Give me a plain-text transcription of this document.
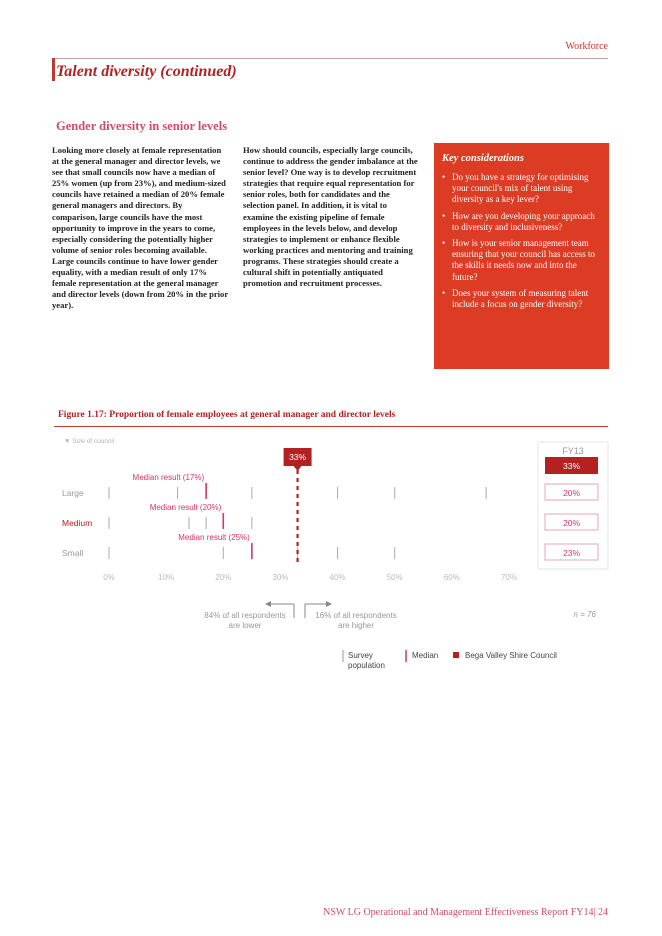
Workforce
Talent diversity (continued)
Gender diversity in senior levels
Looking more closely at female representation at the general manager and director levels, we see that small councils now have a median of 25% women (up from 23%), and medium-sized councils have retained a median of 20% female general managers and directors. By comparison, large councils have the most opportunity to improve in the years to come, especially considering the potentially higher volume of senior roles becoming available. Large councils continue to have lower gender equality, with a median result of only 17% female representation at the general manager and director levels (down from 20% in the prior year).
How should councils, especially large councils, continue to address the gender imbalance at the senior level? One way is to develop recruitment strategies that require equal representation for senior roles, both for candidates and the selection panel. In addition, it is vital to examine the existing pipeline of female employees in the levels below, and develop strategies to implement or enhance flexible working practices and mentoring and training programs. These strategies should create a cultural shift in potentially antiquated promotion and recruitment processes.
Key considerations
• Do you have a strategy for optimising your council's mix of talent using diversity as a key lever?
• How are you developing your approach to diversity and inclusiveness?
• How is your senior management team ensuring that your council has access to the skills it needs now and into the future?
• Does your system of measuring talent include a focus on gender diversity?
Figure 1.17: Proportion of female employees at general manager and director levels
▼ Size of council
FY13
n = 76
84% of all respondents
are lower
16% of all respondents
are higher
Survey
population
Median	Bega Valley Shire Council
0%	10%	20%	30%	40%	50%	60%	70%
Large
Median result (17%)
20%
Medium
Median result (20%)
20%
Small
Median result (25%)
23%
33%
33%
NSW LG Operational and Management Effectiveness Report FY14| 24
